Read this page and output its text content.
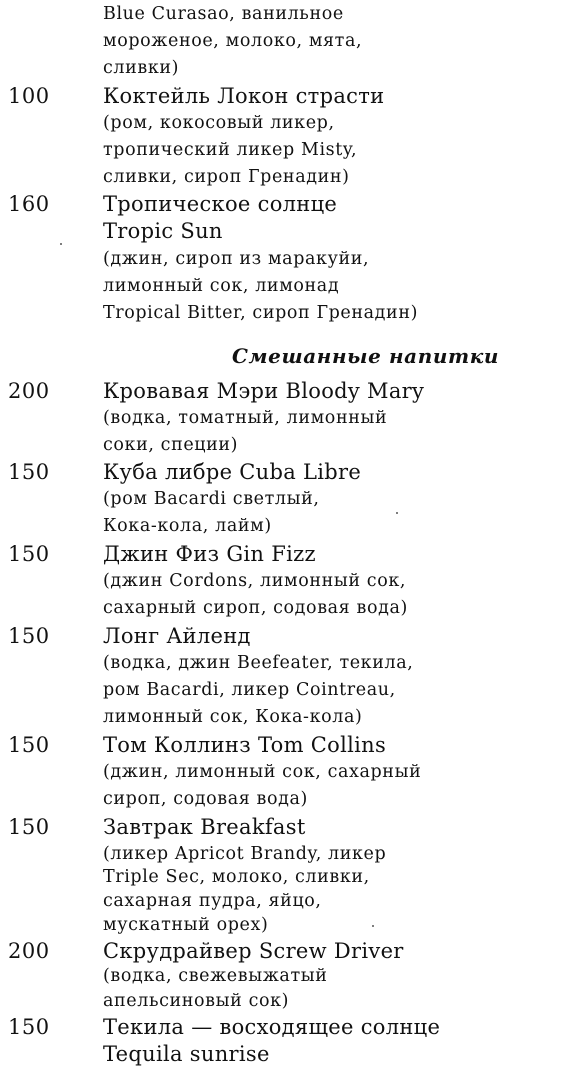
Blue Curasao, ванильное
мороженое, молоко, мята,
сливки)
100	Коктейль Локон страсти
(ром, кокосовый ликер,
тропический ликер Misty,
сливки, сироп Гренадин)
160	Тропическое солнце
Tropic Sun
(джин, сироп из маракуйи,
лимонный сок, лимонад
Tropical Bitter, сироп Гренадин)
Смешанные напитки
200	Кровавая Мэри Bloody Mary
(водка, томатный, лимонный
соки, специи)
150	Куба либре Cuba Libre
(ром Bacardi светлый,
Кока-кола, лайм)
150	Джин Физ Gin Fizz
(джин Cordons, лимонный сок,
сахарный сироп, содовая вода)
150	Лонг Айленд
(водка, джин Beefeater, текила,
ром Bacardi, ликер Cointreau,
лимонный сок, Кока-кола)
150	Том Коллинз Tom Collins
(джин, лимонный сок, сахарный
сироп, содовая вода)
150	Завтрак Breakfast
(ликер Apricot Brandy, ликер
Triple Sec, молоко, сливки,
сахарная пудра, яйцо,
мускатный орех)
200	Скрудрайвер Screw Driver
(водка, свежевыжатый
апельсиновый сок)
150	Текила — восходящее солнце
Tequila sunrise
